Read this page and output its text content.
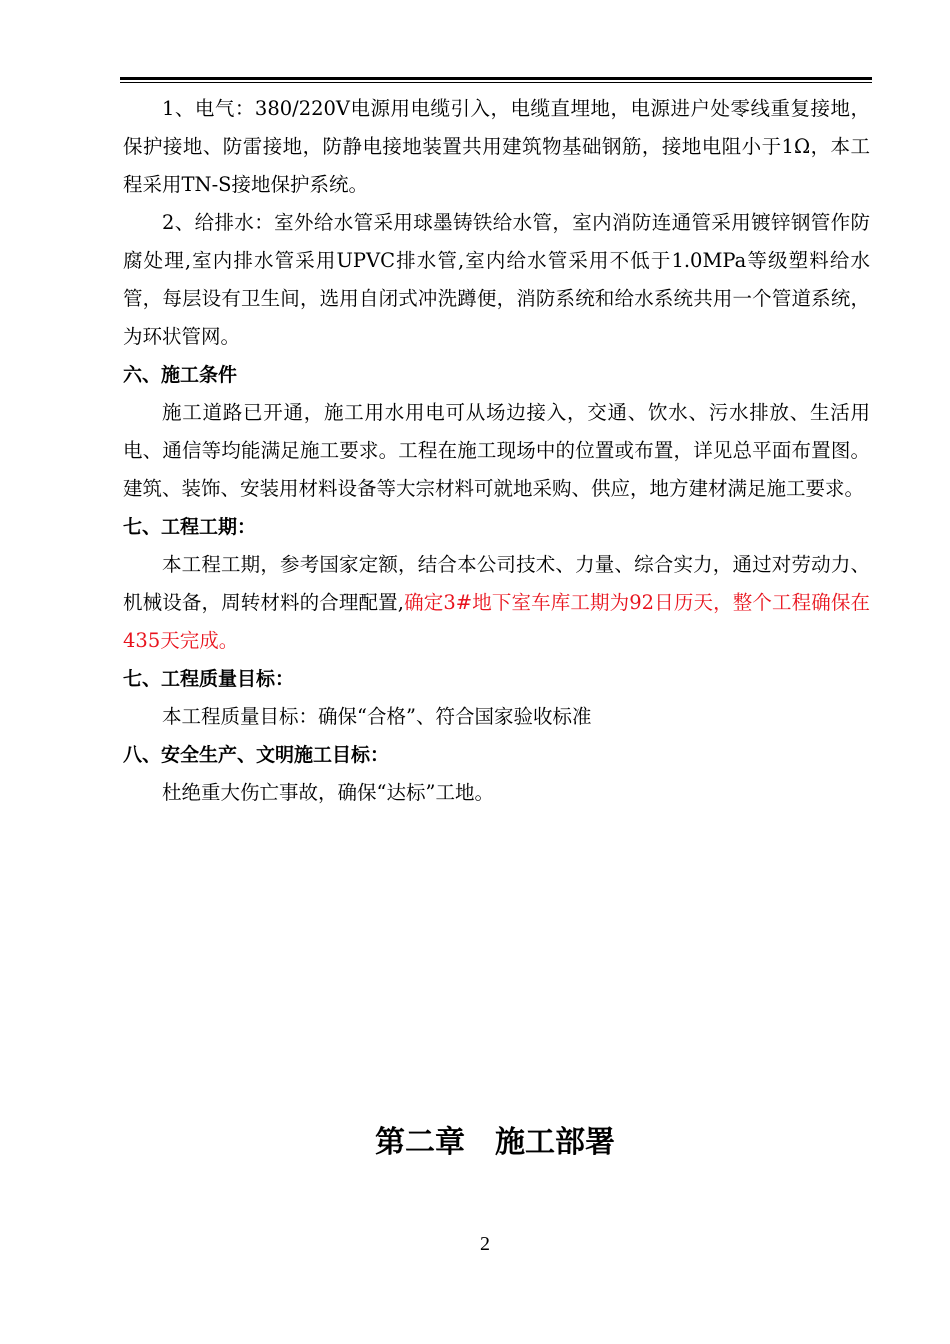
1、电气：380/220V电源用电缆引入，电缆直埋地，电源进户处零线重复接地，保护接地、防雷接地，防静电接地装置共用建筑物基础钢筋，接地电阻小于1Ω，本工程采用TN-S接地保护系统。

2、给排水：室外给水管采用球墨铸铁给水管，室内消防连通管采用镀锌钢管作防腐处理,室内排水管采用UPVC排水管,室内给水管采用不低于1.0MPa等级塑料给水管，每层设有卫生间，选用自闭式冲洗蹲便，消防系统和给水系统共用一个管道系统，为环状管网。

六、施工条件

施工道路已开通，施工用水用电可从场边接入，交通、饮水、污水排放、生活用电、通信等均能满足施工要求。工程在施工现场中的位置或布置，详见总平面布置图。建筑、装饰、安装用材料设备等大宗材料可就地采购、供应，地方建材满足施工要求。

七、工程工期：

本工程工期，参考国家定额，结合本公司技术、力量、综合实力，通过对劳动力、机械设备，周转材料的合理配置,确定3#地下室车库工期为92日历天，整个工程确保在435天完成。

七、工程质量目标：

本工程质量目标：确保“合格”、符合国家验收标准

八、安全生产、文明施工目标：

杜绝重大伤亡事故，确保“达标”工地。

第二章　施工部署
2
